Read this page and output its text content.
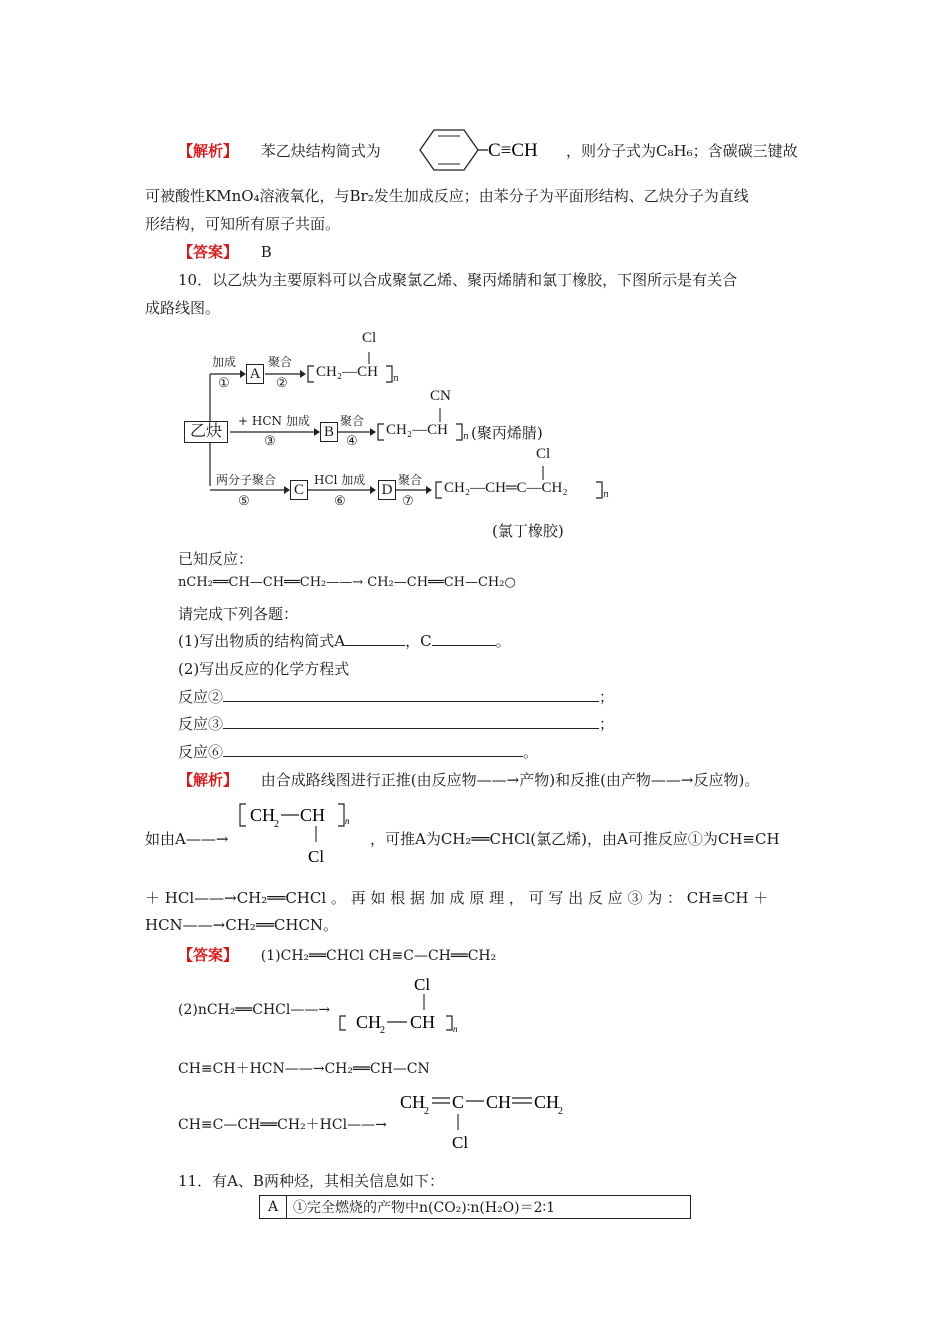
【解析】 苯乙炔结构简式为	C≡CH ，则分子式为C₈H₆；含碳碳三键故
可被酸性KMnO₄溶液氧化，与Br₂发生加成反应；由苯分子为平面形结构、乙炔分子为直线
形结构，可知所有原子共面。
【答案】 B
10．以乙炔为主要原料可以合成聚氯乙烯、聚丙烯腈和氯丁橡胶，下图所示是有关合
成路线图。
乙炔
加成
①
A
聚合
②
CH₂—CH
Cl
n
+ HCN 加成
③
B
聚合
④
CH₂—CH
CN
n (聚丙烯腈)
两分子聚合
⑤
C
HCl 加成
⑥
D
聚合
⑦
CH₂—CH═C—CH₂
Cl
n
(氯丁橡胶)
已知反应：
nCH₂══CH—CH══CH₂——→ CH₂—CH══CH—CH₂○
请完成下列各题：
(1)写出物质的结构简式A	，C	。
(2)写出反应的化学方程式
反应②	；
反应③	；
反应⑥	。
【解析】 由合成路线图进行正推(由反应物——→产物)和反推(由产物——→反应物)。
如由A——→
CH
2 CH n
Cl
，可推A为CH₂══CHCl(氯乙烯)，由A可推反应①为CH≡CH
＋ HCl——→CH₂══CHCl 。 再 如 根 据 加 成 原 理 ， 可 写 出 反 应 ③ 为 ： CH≡CH ＋
HCN——→CH₂══CHCN。
【答案】 (1)CH₂══CHCl CH≡C—CH══CH₂
(2)nCH₂══CHCl——→
Cl
CH
2 CH n
CH≡CH＋HCN——→CH₂══CH—CN
CH≡C—CH══CH₂＋HCl——→
CH
2 C CH CH
2
Cl
11．有A、B两种烃，其相关信息如下：
A	①完全燃烧的产物中n(CO₂)∶n(H₂O)＝2∶1
